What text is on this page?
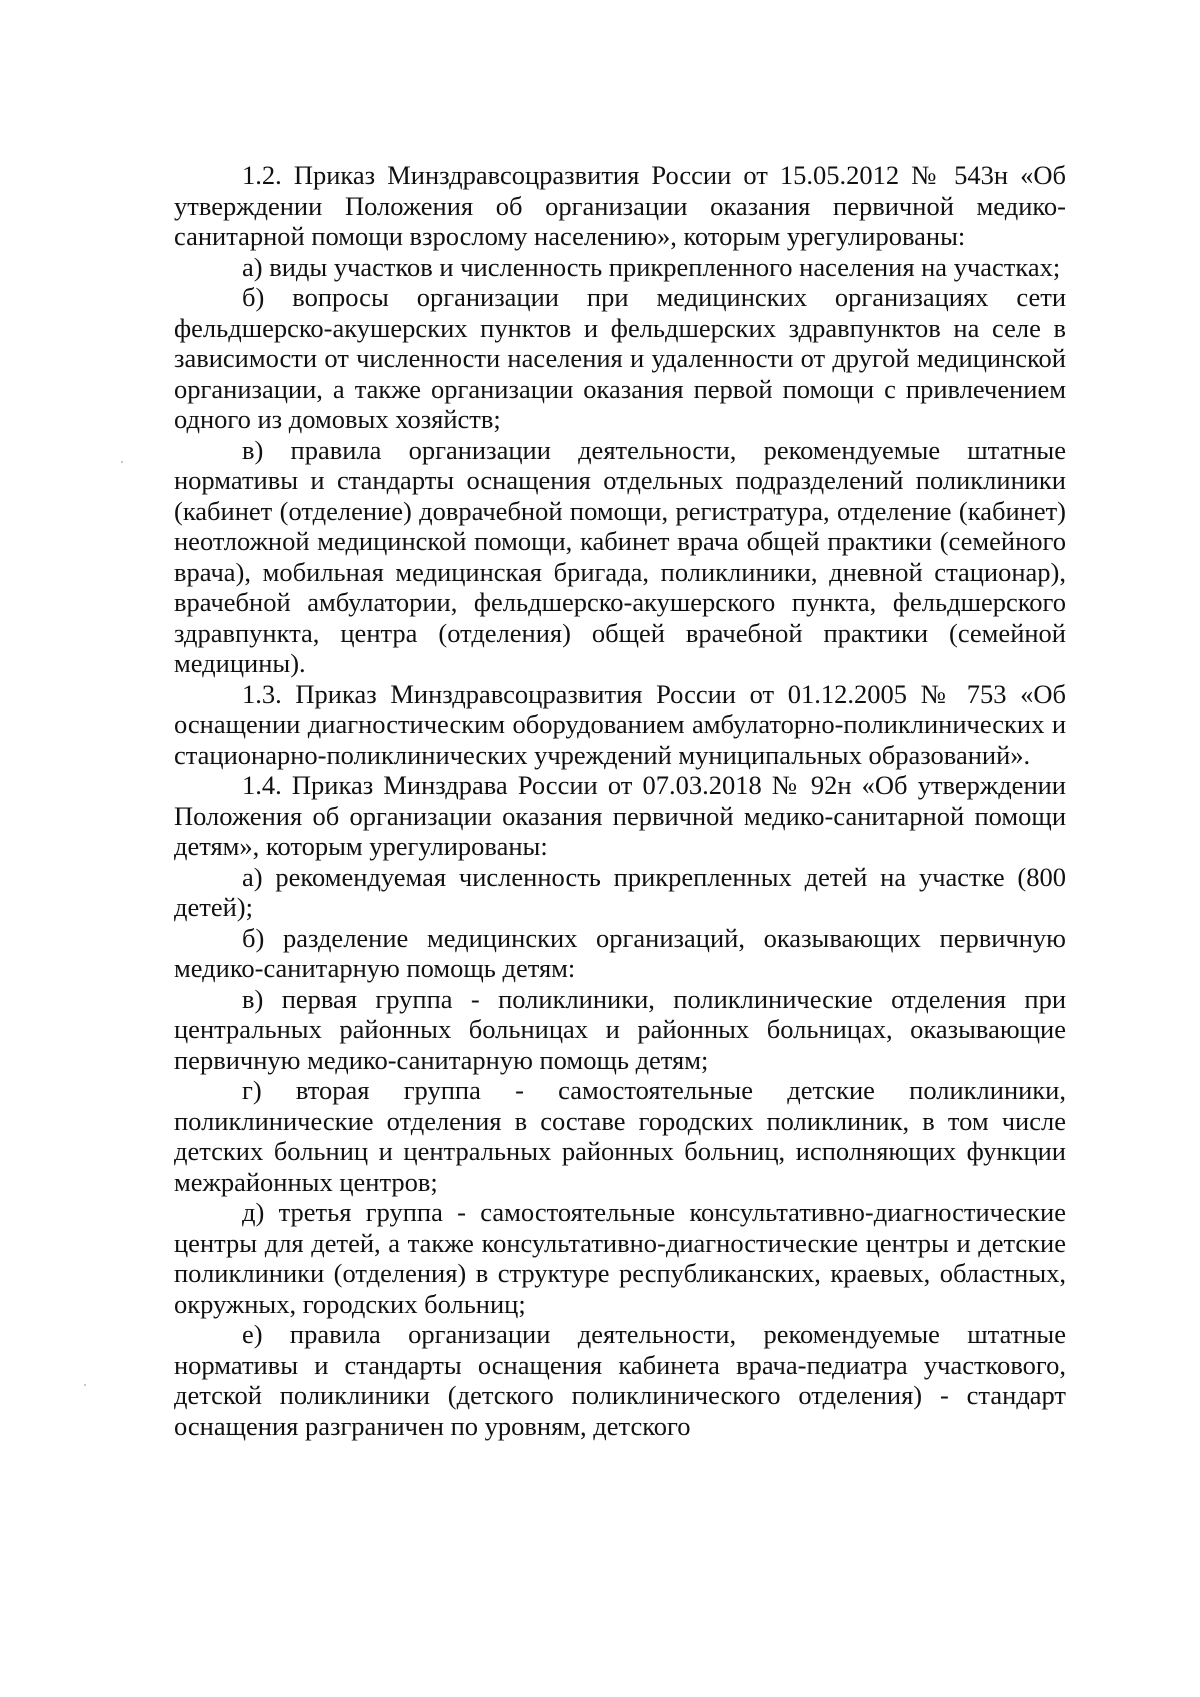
1.2. Приказ Минздравсоцразвития России от 15.05.2012 № 543н «Об утверждении Положения об организации оказания первичной медико-санитарной помощи взрослому населению», которым урегулированы:

а) виды участков и численность прикрепленного населения на участках;

б) вопросы организации при медицинских организациях сети фельдшерско-акушерских пунктов и фельдшерских здравпунктов на селе в зависимости от численности населения и удаленности от другой медицинской организации, а также организации оказания первой помощи с привлечением одного из домовых хозяйств;

в) правила организации деятельности, рекомендуемые штатные нормативы и стандарты оснащения отдельных подразделений поликлиники (кабинет (отделение) доврачебной помощи, регистратура, отделение (кабинет) неотложной медицинской помощи, кабинет врача общей практики (семейного врача), мобильная медицинская бригада, поликлиники, дневной стационар), врачебной амбулатории, фельдшерско-акушерского пункта, фельдшерского здравпункта, центра (отделения) общей врачебной практики (семейной медицины).

1.3. Приказ Минздравсоцразвития России от 01.12.2005 № 753 «Об оснащении диагностическим оборудованием амбулаторно-поликлинических и стационарно-поликлинических учреждений муниципальных образований».

1.4. Приказ Минздрава России от 07.03.2018 № 92н «Об утверждении Положения об организации оказания первичной медико-санитарной помощи детям», которым урегулированы:

а) рекомендуемая численность прикрепленных детей на участке (800 детей);

б) разделение медицинских организаций, оказывающих первичную медико-санитарную помощь детям:

в) первая группа - поликлиники, поликлинические отделения при центральных районных больницах и районных больницах, оказывающие первичную медико-санитарную помощь детям;

г) вторая группа - самостоятельные детские поликлиники, поликлинические отделения в составе городских поликлиник, в том числе детских больниц и центральных районных больниц, исполняющих функции межрайонных центров;

д) третья группа - самостоятельные консультативно-диагностические центры для детей, а также консультативно-диагностические центры и детские поликлиники (отделения) в структуре республиканских, краевых, областных, окружных, городских больниц;

е) правила организации деятельности, рекомендуемые штатные нормативы и стандарты оснащения кабинета врача-педиатра участкового, детской поликлиники (детского поликлинического отделения) - стандарт оснащения разграничен по уровням, детского
